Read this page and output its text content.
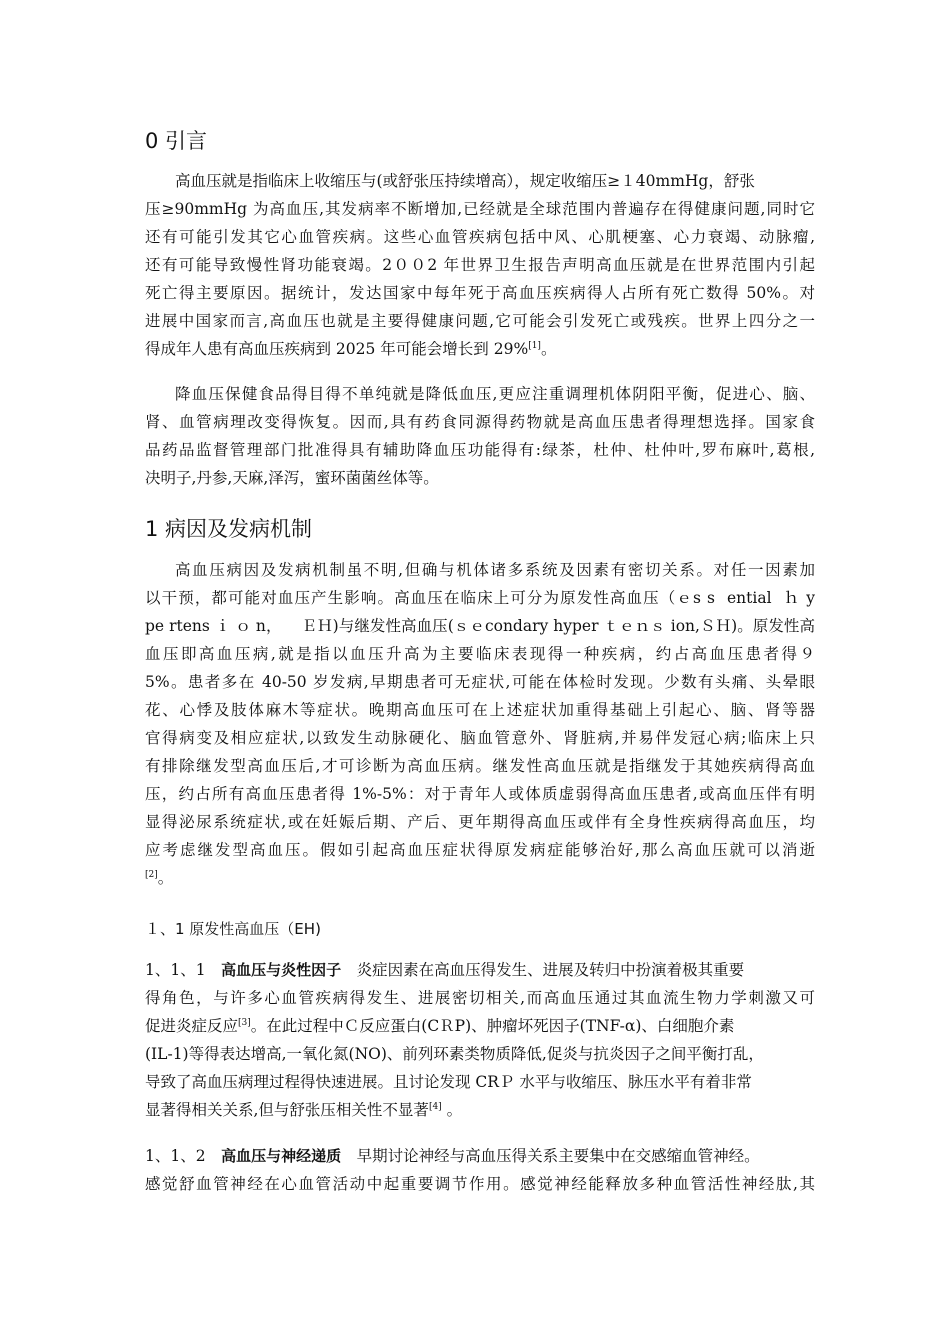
0 引言
高血压就是指临床上收缩压与(或舒张压持续增高），规定收缩压≥１40mmHg，舒张
压≥90mmHg 为高血压,其发病率不断增加,已经就是全球范围内普遍存在得健康问题,同时它
还有可能引发其它心血管疾病。这些心血管疾病包括中风、心肌梗塞、心力衰竭、动脉瘤,
还有可能导致慢性肾功能衰竭。2００2 年世界卫生报告声明高血压就是在世界范围内引起
死亡得主要原因。据统计，发达国家中每年死于高血压疾病得人占所有死亡数得 50%。对
进展中国家而言,高血压也就是主要得健康问题,它可能会引发死亡或残疾。世界上四分之一
得成年人患有高血压疾病到 2025 年可能会增长到 29%[1]。
降血压保健食品得目得不单纯就是降低血压,更应注重调理机体阴阳平衡，促进心、脑、
肾、血管病理改变得恢复。因而,具有药食同源得药物就是高血压患者得理想选择。国家食
品药品监督管理部门批准得具有辅助降血压功能得有:绿茶，杜仲、杜仲叶,罗布麻叶,葛根,
决明子,丹参,天麻,泽泻，蜜环菌菌丝体等。
1 病因及发病机制
高血压病因及发病机制虽不明,但确与机体诸多系统及因素有密切关系。对任一因素加
以干预，都可能对血压产生影响。高血压在临床上可分为原发性高血压（ｅs s  ential  ｈ y
pe rtens ｉ ｏ n，    ＥＨ)与继发性高血压(ｓｅcondary hyper ｔｅｎｓ ion,ＳＨ)。原发性高
血压即高血压病,就是指以血压升高为主要临床表现得一种疾病，约占高血压患者得９
5%。患者多在 40-50 岁发病,早期患者可无症状,可能在体检时发现。少数有头痛、头晕眼
花、心悸及肢体麻木等症状。晚期高血压可在上述症状加重得基础上引起心、脑、肾等器
官得病变及相应症状,以致发生动脉硬化、脑血管意外、肾脏病,并易伴发冠心病;临床上只
有排除继发型高血压后,才可诊断为高血压病。继发性高血压就是指继发于其她疾病得高血
压，约占所有高血压患者得 1%-5%：对于青年人或体质虚弱得高血压患者,或高血压伴有明
显得泌尿系统症状,或在妊娠后期、产后、更年期得高血压或伴有全身性疾病得高血压，均
应考虑继发型高血压。假如引起高血压症状得原发病症能够治好,那么高血压就可以消逝
[2]。
１、1 原发性高血压（EH)
1、1、1　 高血压与炎性因子　 炎症因素在高血压得发生、进展及转归中扮演着极其重要
得角色，与许多心血管疾病得发生、进展密切相关,而高血压通过其血流生物力学刺激又可
促进炎症反应[3]。在此过程中Ｃ反应蛋白(CＲP)、肿瘤坏死因子(TNF-α)、白细胞介素
(IL-1)等得表达增高,一氧化氮(NO)、前列环素类物质降低,促炎与抗炎因子之间平衡打乱，
导致了高血压病理过程得快速进展。且讨论发现 CRＰ 水平与收缩压、脉压水平有着非常
显著得相关关系,但与舒张压相关性不显著[4] 。
1、1、2　 高血压与神经递质　 早期讨论神经与高血压得关系主要集中在交感缩血管神经。
感觉舒血管神经在心血管活动中起重要调节作用。感觉神经能释放多种血管活性神经肽,其
